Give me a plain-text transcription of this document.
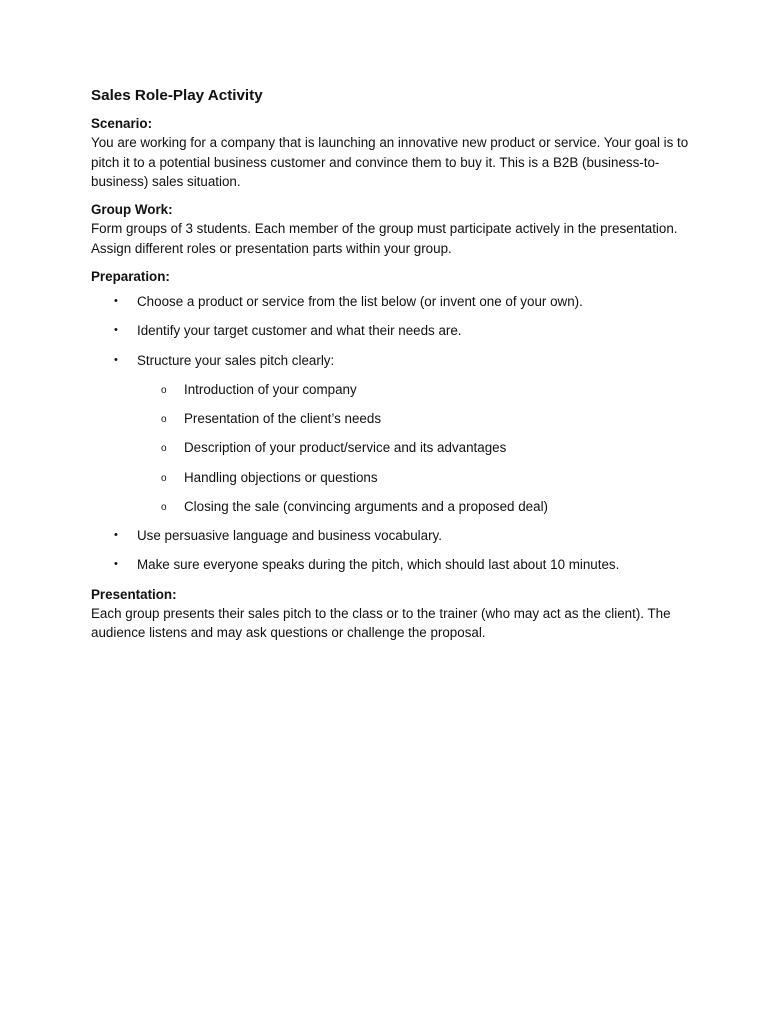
Sales Role-Play Activity
Scenario:
You are working for a company that is launching an innovative new product or service. Your goal is to pitch it to a potential business customer and convince them to buy it. This is a B2B (business-to-business) sales situation.
Group Work:
Form groups of 3 students. Each member of the group must participate actively in the presentation. Assign different roles or presentation parts within your group.
Preparation:
• Choose a product or service from the list below (or invent one of your own).
• Identify your target customer and what their needs are.
• Structure your sales pitch clearly:
o Introduction of your company
o Presentation of the client’s needs
o Description of your product/service and its advantages
o Handling objections or questions
o Closing the sale (convincing arguments and a proposed deal)
• Use persuasive language and business vocabulary.
• Make sure everyone speaks during the pitch, which should last about 10 minutes.
Presentation:
Each group presents their sales pitch to the class or to the trainer (who may act as the client). The audience listens and may ask questions or challenge the proposal.
